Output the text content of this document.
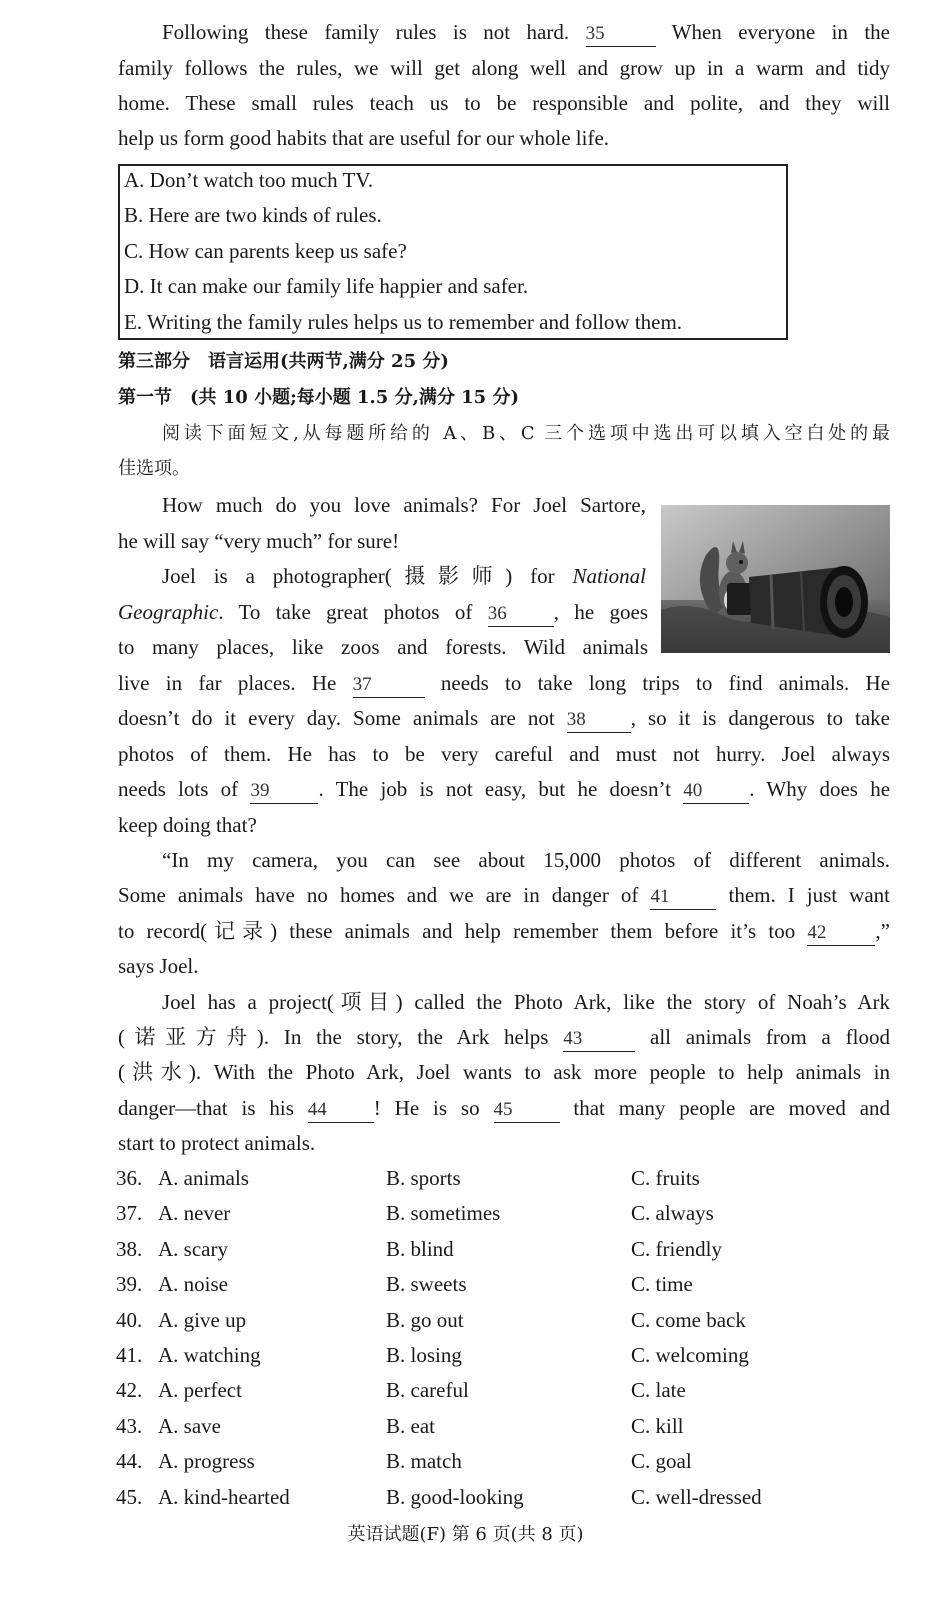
Following these family rules is not hard. 35	When everyone in the
family follows the rules, we will get along well and grow up in a warm and tidy
home. These small rules teach us to be responsible and polite, and they will
help us form good habits that are useful for our whole life.
A. Don’t watch too much TV.
B. Here are two kinds of rules.
C. How can parents keep us safe?
D. It can make our family life happier and safer.
E. Writing the family rules helps us to remember and follow them.
第三部分　语言运用(共两节,满分 25 分)
第一节　(共 10 小题;每小题 1.5 分,满分 15 分)
阅读下面短文,从每题所给的 A、B、C 三个选项中选出可以填入空白处的最
佳选项。
How much do you love animals? For Joel Sartore,
he will say “very much” for sure!
Joel is a photographer(摄影师) for National
Geographic. To take great photos of 36 , he goes
to many places, like zoos and forests. Wild animals
live in far places. He 37	needs to take long trips to find animals. He
doesn’t do it every day. Some animals are not 38 , so it is dangerous to take
photos of them. He has to be very careful and must not hurry. Joel always
needs lots of 39 . The job is not easy, but he doesn’t 40 . Why does he
keep doing that?
“In my camera, you can see about 15,000 photos of different animals.
Some animals have no homes and we are in danger of 41	them. I just want
to record(记录) these animals and help remember them before it’s too 42 ,”
says Joel.
Joel has a project(项目) called the Photo Ark, like the story of Noah’s Ark
(诺亚方舟). In the story, the Ark helps 43	all animals from a flood
(洪水). With the Photo Ark, Joel wants to ask more people to help animals in
danger—that is his 44 ! He is so 45	that many people are moved and
start to protect animals.
36. A. animals	B. sports	C. fruits
37. A. never	B. sometimes	C. always
38. A. scary	B. blind	C. friendly
39. A. noise	B. sweets	C. time
40. A. give up	B. go out	C. come back
41. A. watching	B. losing	C. welcoming
42. A. perfect	B. careful	C. late
43. A. save	B. eat	C. kill
44. A. progress	B. match	C. goal
45. A. kind-hearted	B. good-looking	C. well-dressed
英语试题(F) 第 6 页(共 8 页)
